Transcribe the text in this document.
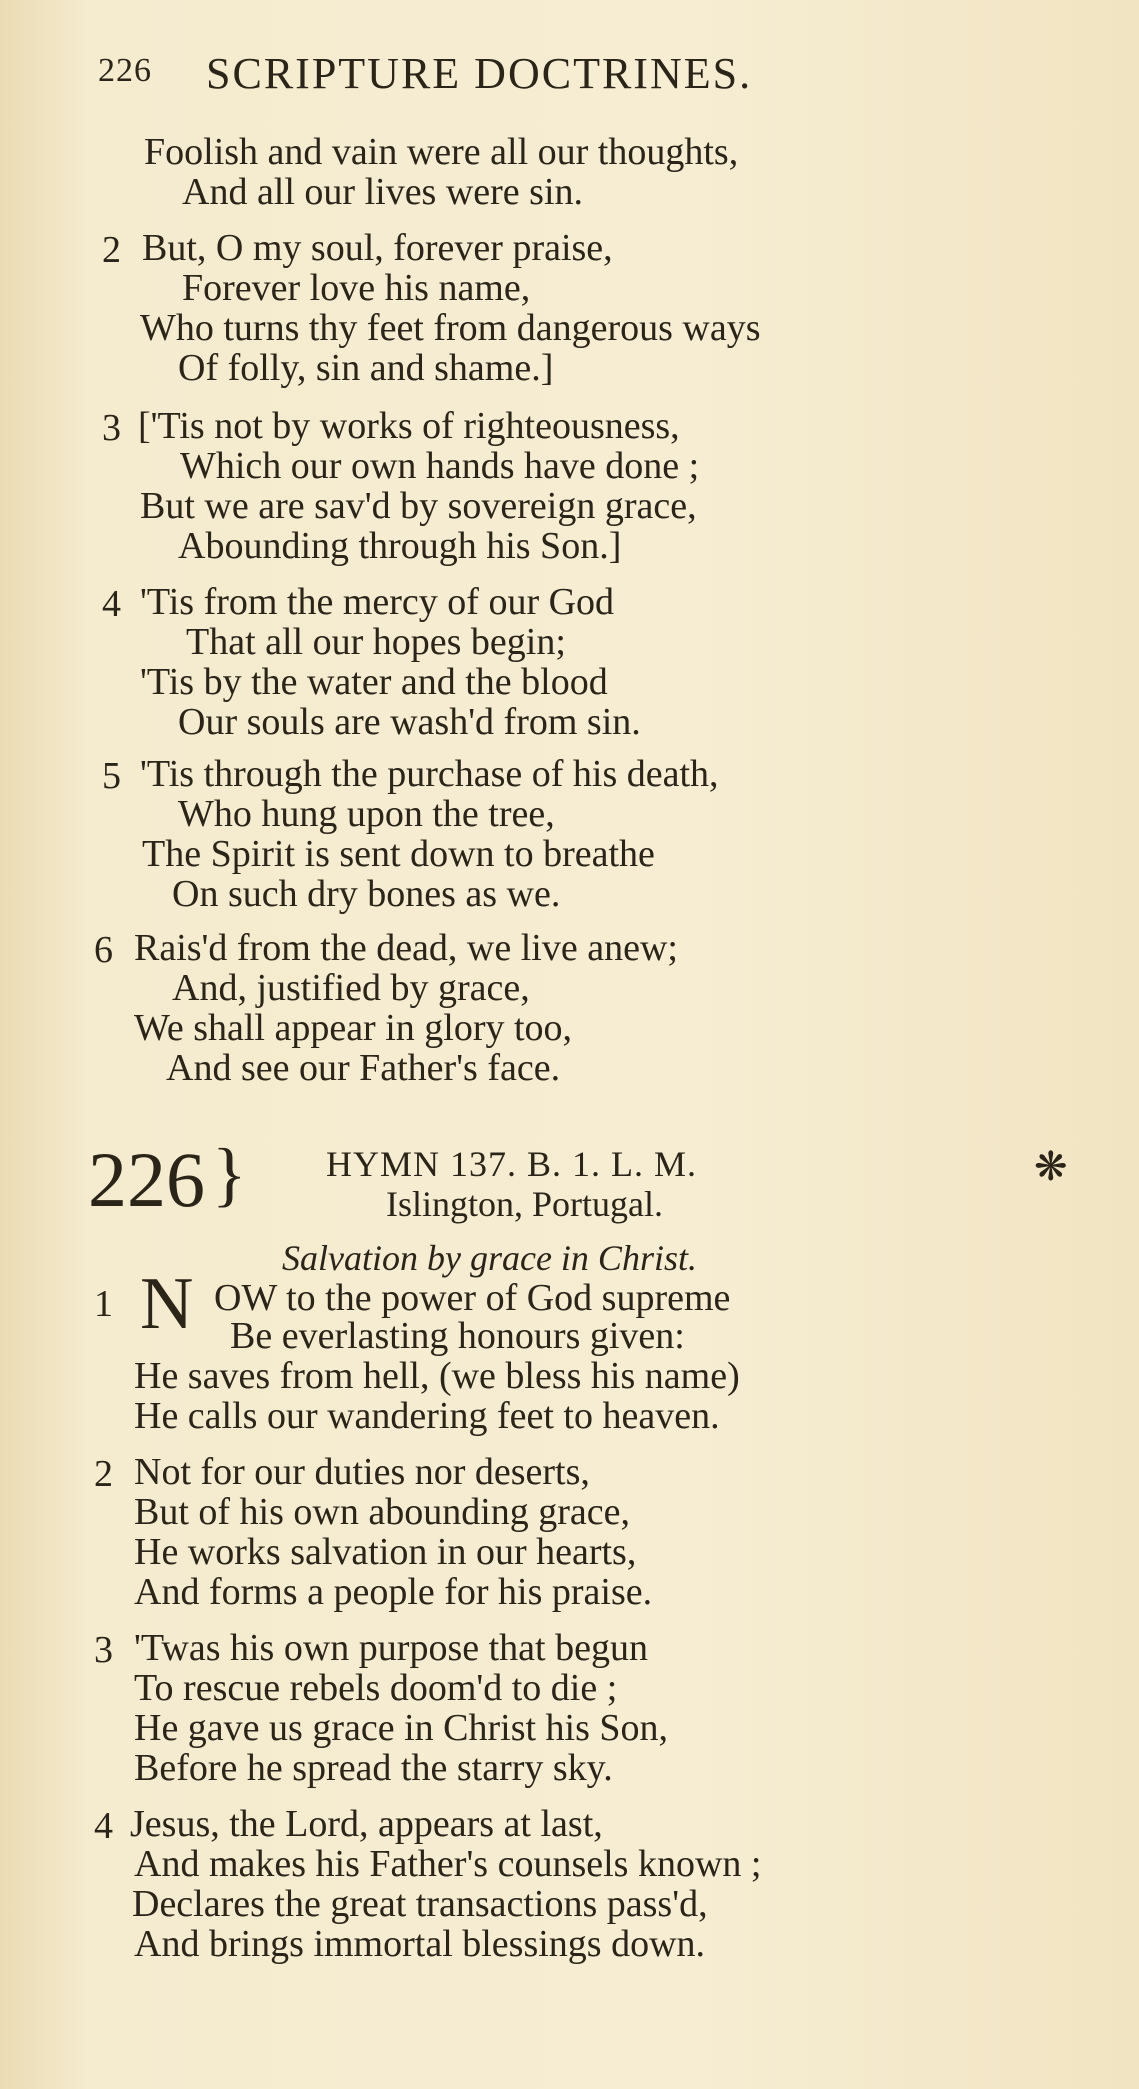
226 SCRIPTURE DOCTRINES.
Foolish and vain were all our thoughts,
And all our lives were sin.
2 But, O my soul, forever praise,
Forever love his name,
Who turns thy feet from dangerous ways
Of folly, sin and shame.]
3 ['Tis not by works of righteousness,
Which our own hands have done ;
But we are sav'd by sovereign grace,
Abounding through his Son.]
4 'Tis from the mercy of our God
That all our hopes begin;
'Tis by the water and the blood
Our souls are wash'd from sin.
5 'Tis through the purchase of his death,
Who hung upon the tree,
The Spirit is sent down to breathe
On such dry bones as we.
6 Rais'd from the dead, we live anew;
And, justified by grace,
We shall appear in glory too,
And see our Father's face.
226 } HYMN 137. B. 1. L. M.
Islington, Portugal.
❋
Salvation by grace in Christ.
1 N OW to the power of God supreme
Be everlasting honours given:
He saves from hell, (we bless his name)
He calls our wandering feet to heaven.
2 Not for our duties nor deserts,
But of his own abounding grace,
He works salvation in our hearts,
And forms a people for his praise.
3 'Twas his own purpose that begun
To rescue rebels doom'd to die ;
He gave us grace in Christ his Son,
Before he spread the starry sky.
4 Jesus, the Lord, appears at last,
And makes his Father's counsels known ;
Declares the great transactions pass'd,
And brings immortal blessings down.
